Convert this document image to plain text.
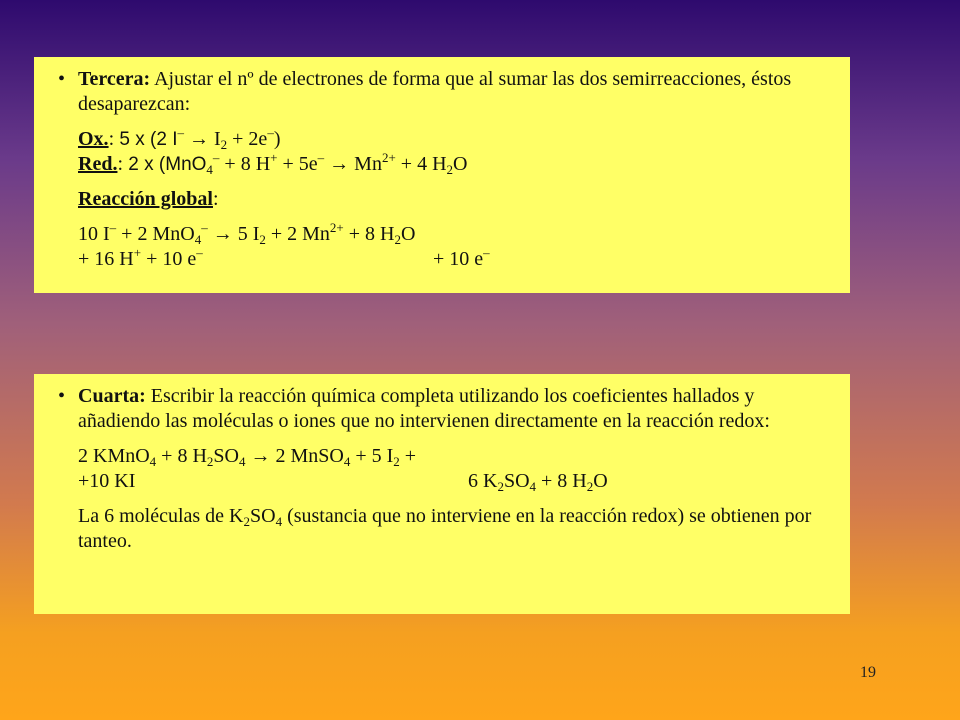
• Tercera: Ajustar el nº de electrones de forma que al sumar las dos semirreacciones, éstos desaparezcan:

Ox.: 5 x (2 $I^- \to I_2 + 2e^-$)
Red.: 2 x (MnO$_4$– + 8 $H^+ + 5e^- \to Mn^{2+} + 4$ $H_2O$

Reacción global:

10 I– + 2 MnO$_4$– → 5 $I_2 + 2$ $Mn^{2+} + 8$ $H_2O$
+ 16 H+ + 10 e–	+ 10 e–
• Cuarta: Escribir la reacción química completa utilizando los coeficientes hallados y añadiendo las moléculas o iones que no intervienen directamente en la reacción redox:

2 KMnO$_4$ + 8 $H_2SO_4 \to 2$ MnSO$_4$ + 5 $I_2$ +
+10 KI	6 $K_2SO_4 + 8$ $H_2O$

La 6 moléculas de $K_2SO_4$ (sustancia que no interviene en la reacción redox) se obtienen por tanteo.

19
